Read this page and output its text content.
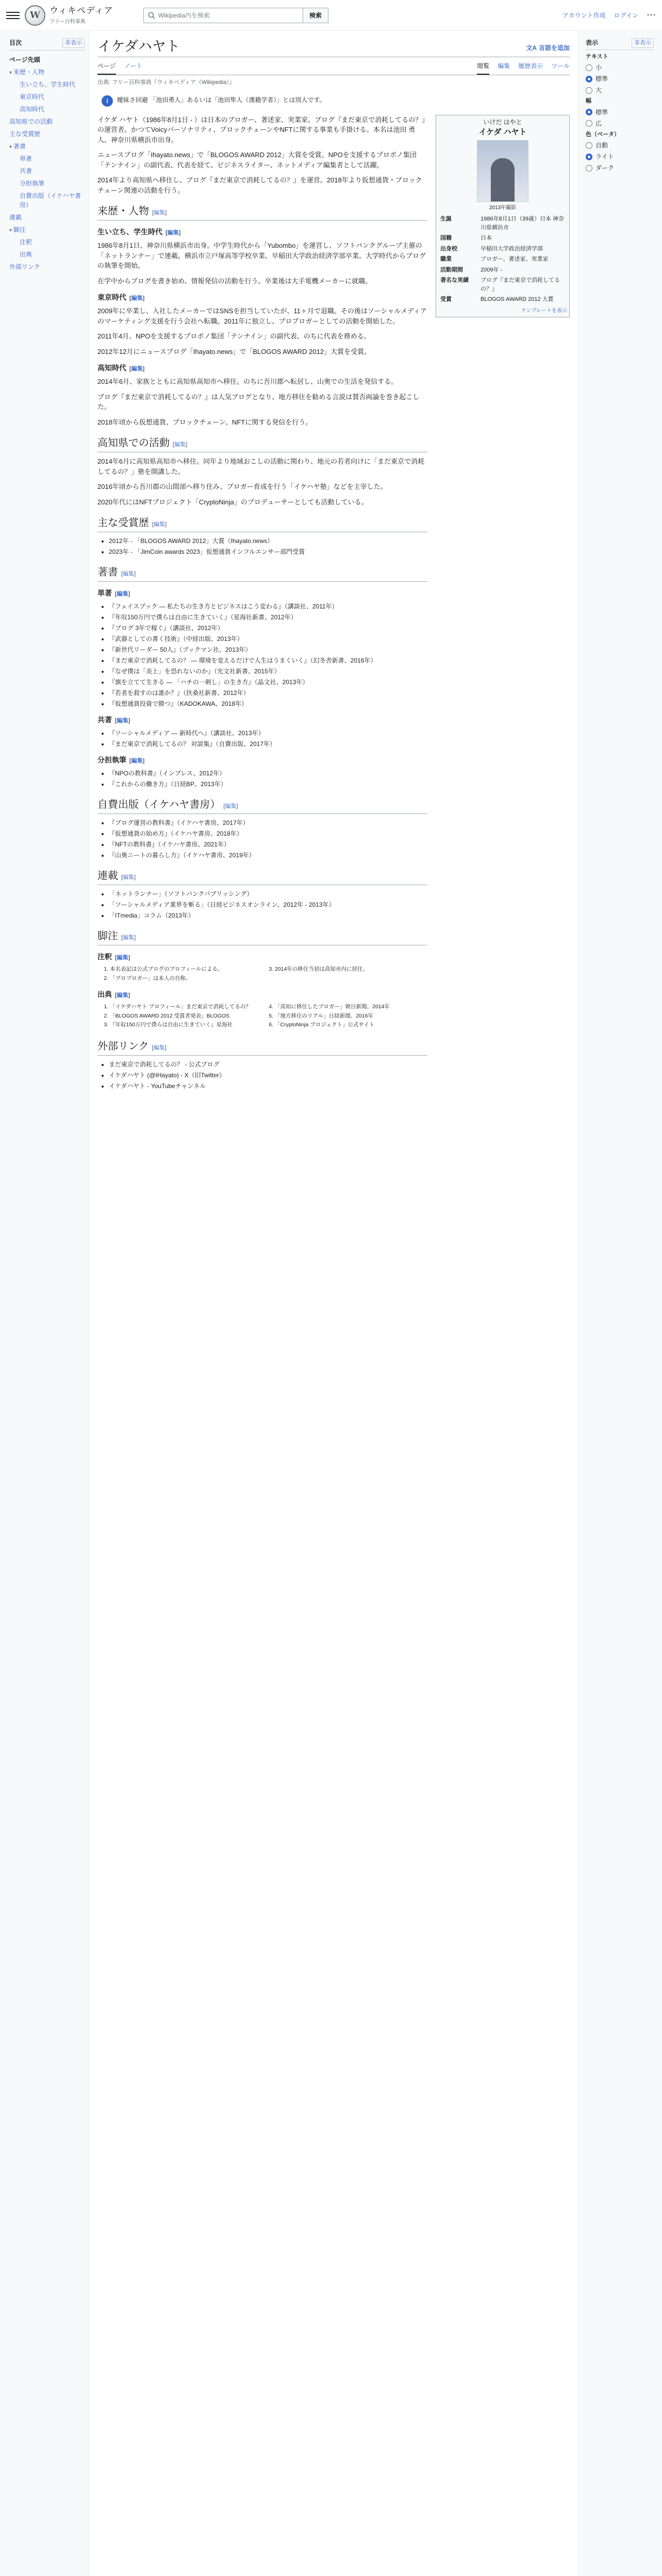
W	ウィキペディア
フリー百科事典
Wikipedia内を検索	検索	アカウント作成 ログイン ⋯
目次	非表示
ページ先頭
▾ 来歴・人物
生い立ち、学生時代
東京時代
高知時代
高知県での活動
主な受賞歴
▾ 著書
単著
共著
分担執筆
自費出版（イケハヤ書房）
連載
▾ 脚注
注釈
出典
外部リンク
イケダハヤト	文A 言語を追加
ページ ノート	閲覧 編集 履歴表示 ツール
出典: フリー百科事典『ウィキペディア（Wikipedia）』
i	曖昧さ回避 「池田勇人」あるいは「池田隼人（漢籍学者）」とは別人です。

イケダ ハヤト（1986年8月1日 - ）は日本のブロガー、著述家、実業家。ブログ『まだ東京で消耗してるの？』の運営者。かつてVoicyパーソナリティ、ブロックチェーンやNFTに関する事業も手掛ける。本名は池田 勇人。神奈川県横浜市出身。

ニュースブログ「Ihayato.news」で「BLOGOS AWARD 2012」大賞を受賞。NPOを支援するプロボノ集団「テンナイン」の副代表、代表を経て、ビジネスライター、ネットメディア編集者として活躍。

2014年より高知県へ移住し、ブログ『まだ東京で消耗してるの？』を運営。2018年より仮想通貨・ブロックチェーン関連の活動を行う。

来歴・人物 [編集]
生い立ち、学生時代 [編集]

1986年8月1日、神奈川県横浜市出身。中学生時代から「Yubombo」を運営し、ソフトバンクグループ主催の「ネットランナー」で連載。横浜市立戸塚高等学校卒業、早稲田大学政治経済学部卒業。大学時代からブログの執筆を開始。

在学中からブログを書き始め、情報発信の活動を行う。卒業後は大手電機メーカーに就職。

東京時代 [編集]

2009年に卒業し、入社したメーカーではSNSを担当していたが、11ヶ月で退職。その後はソーシャルメディアのマーケティング支援を行う会社へ転職。2011年に独立し、プロブロガーとしての活動を開始した。

2011年4月、NPOを支援するプロボノ集団「テンナイン」の副代表、のちに代表を務める。

2012年12月にニュースブログ「Ihayato.news」で「BLOGOS AWARD 2012」大賞を受賞。

高知時代 [編集]

2014年6月、家族とともに高知県高知市へ移住。のちに吾川郡へ転居し、山奥での生活を発信する。

ブログ『まだ東京で消耗してるの？』は人気ブログとなり、地方移住を勧める言説は賛否両論を巻き起こした。

2018年頃から仮想通貨、ブロックチェーン、NFTに関する発信を行う。

高知県での活動 [編集]

2014年6月に高知県高知市へ移住。同年より地域おこしの活動に関わり、地元の若者向けに「まだ東京で消耗してるの？」塾を開講した。

2016年頃から吾川郡の山間部へ移り住み、ブロガー育成を行う「イケハヤ塾」などを主宰した。

2020年代にはNFTプロジェクト「CryptoNinja」のプロデューサーとしても活動している。

主な受賞歴 [編集]
• 2012年 - 「BLOGOS AWARD 2012」大賞（Ihayato.news）
• 2023年 - 「JimCoin awards 2023」仮想通貨インフルエンサー部門受賞
著書 [編集]
単著 [編集]
• 『フェイスブック ― 私たちの生き方とビジネスはこう変わる』（講談社、2011年）
• 『年収150万円で僕らは自由に生きていく』（星海社新書、2012年）
• 『ブログ 3年で稼ぐ』（講談社、2012年）
• 『武器としての書く技術』（中経出版、2013年）
• 『新世代リーダー 50人』（ブックマン社、2013年）
• 『まだ東京で消耗してるの？ ― 環境を変えるだけで人生はうまくいく』（幻冬舎新書、2016年）
• 『なぜ僕は「炎上」を恐れないのか』（光文社新書、2015年）
• 『旗を立てて生きる ― 「ハチの一刺し」の生き方』（晶文社、2013年）
• 『若者を殺すのは誰か？』（扶桑社新書、2012年）
• 『仮想通貨投資で勝つ』（KADOKAWA、2018年）
共著 [編集]
• 『ソーシャルメディア ― 新時代へ』（講談社、2013年）
• 『まだ東京で消耗してるの？ 対談集』（自費出版、2017年）
分担執筆 [編集]
• 『NPOの教科書』（インプレス、2012年）
• 『これからの働き方』（日経BP、2013年）
自費出版（イケハヤ書房） [編集]
• 『ブログ運営の教科書』（イケハヤ書房、2017年）
• 『仮想通貨の始め方』（イケハヤ書房、2018年）
• 『NFTの教科書』（イケハヤ書房、2021年）
• 『山奥ニートの暮らし方』（イケハヤ書房、2019年）
連載 [編集]
• 「ネットランナー」（ソフトバンクパブリッシング）
• 「ソーシャルメディア業界を斬る」（日経ビジネスオンライン、2012年 - 2013年）
• 「ITmedia」コラム（2013年）
脚注 [編集]
注釈 [編集]
1. 本名表記は公式ブログのプロフィールによる。
2. 「プロブロガー」は本人の自称。
3. 2014年の移住当初は高知市内に居住。
出典 [編集]
1. 「イケダハヤト プロフィール」まだ東京で消耗してるの？
2. 「BLOGOS AWARD 2012 受賞者発表」BLOGOS
3. 『年収150万円で僕らは自由に生きていく』星海社
4. 「高知に移住したブロガー」朝日新聞、2014年
5. 「地方移住のリアル」日経新聞、2016年
6. 「CryptoNinja プロジェクト」公式サイト
外部リンク [編集]
• まだ東京で消耗してるの？ - 公式ブログ
• イケダハヤト (@IHayato) - X（旧Twitter）
• イケダハヤト - YouTubeチャンネル
いけだ はやと
イケダ ハヤト
2013年撮影
生誕	1986年8月1日（39歳）日本 神奈川県横浜市
国籍	日本
出身校	早稲田大学政治経済学部
職業	ブロガー、著述家、実業家
活動期間	2009年 -
著名な実績	ブログ『まだ東京で消耗してるの？』
受賞	BLOGOS AWARD 2012 大賞
テンプレートを表示
表示	非表示
テキスト
小
標準
大
幅
標準
広
色（ベータ）
自動
ライト
ダーク
